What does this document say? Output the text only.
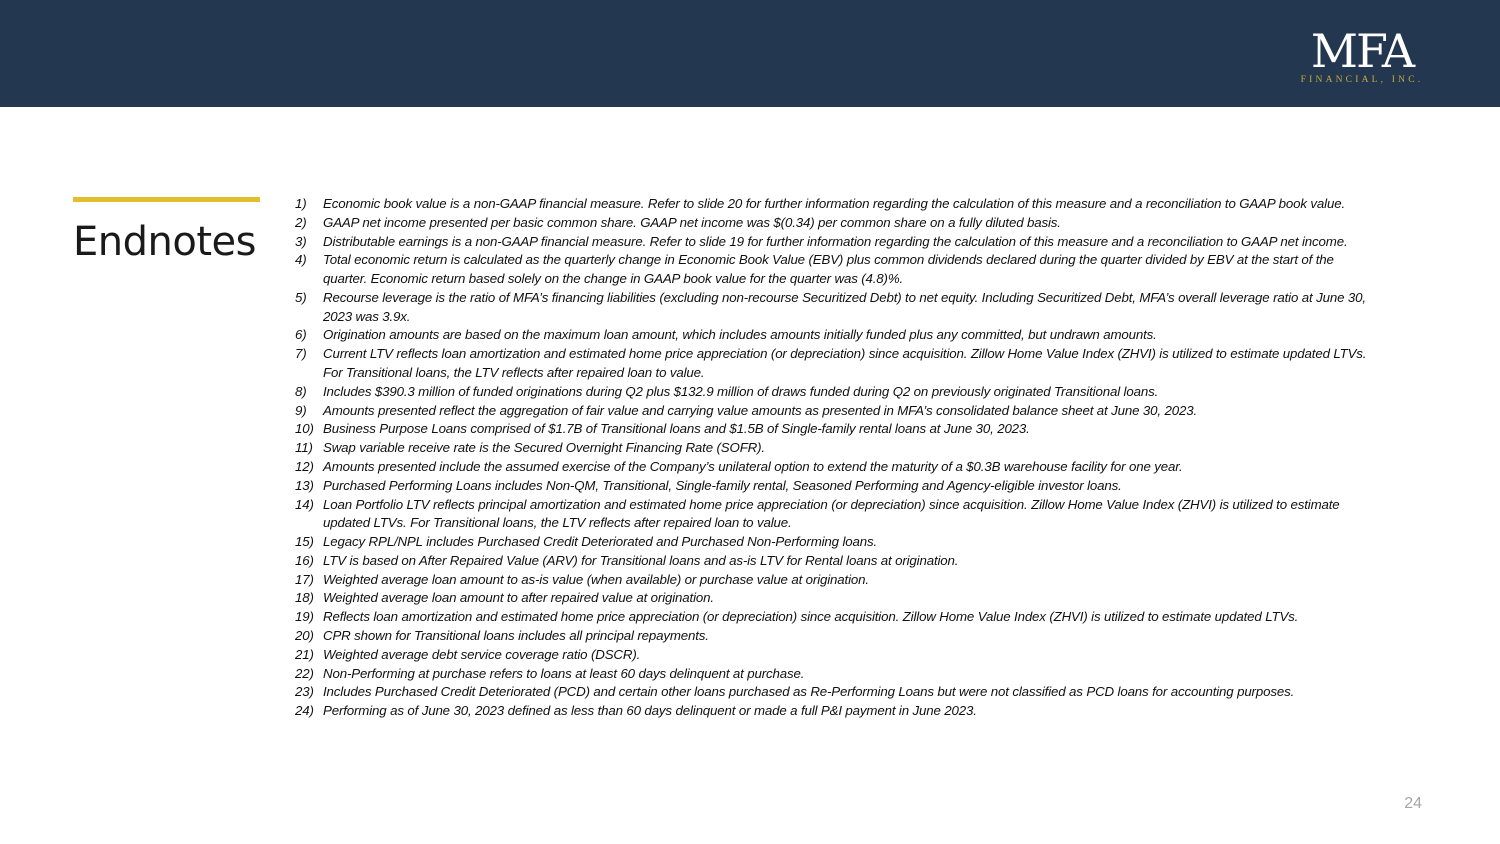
MFA
FINANCIAL, INC.
Endnotes
1)	Economic book value is a non-GAAP financial measure. Refer to slide 20 for further information regarding the calculation of this measure and a reconciliation to GAAP book value.
2)	GAAP net income presented per basic common share. GAAP net income was $(0.34) per common share on a fully diluted basis.
3)	Distributable earnings is a non-GAAP financial measure. Refer to slide 19 for further information regarding the calculation of this measure and a reconciliation to GAAP net income.
4)	Total economic return is calculated as the quarterly change in Economic Book Value (EBV) plus common dividends declared during the quarter divided by EBV at the start of the quarter. Economic return based solely on the change in GAAP book value for the quarter was (4.8)%.
5)	Recourse leverage is the ratio of MFA’s financing liabilities (excluding non-recourse Securitized Debt) to net equity. Including Securitized Debt, MFA’s overall leverage ratio at June 30, 2023 was 3.9x.
6)	Origination amounts are based on the maximum loan amount, which includes amounts initially funded plus any committed, but undrawn amounts.
7)	Current LTV reflects loan amortization and estimated home price appreciation (or depreciation) since acquisition. Zillow Home Value Index (ZHVI) is utilized to estimate updated LTVs. For Transitional loans, the LTV reflects after repaired loan to value.
8)	Includes $390.3 million of funded originations during Q2 plus $132.9 million of draws funded during Q2 on previously originated Transitional loans.
9)	Amounts presented reflect the aggregation of fair value and carrying value amounts as presented in MFA’s consolidated balance sheet at June 30, 2023.
10) Business Purpose Loans comprised of $1.7B of Transitional loans and $1.5B of Single-family rental loans at June 30, 2023.
11) Swap variable receive rate is the Secured Overnight Financing Rate (SOFR).
12) Amounts presented include the assumed exercise of the Company’s unilateral option to extend the maturity of a $0.3B warehouse facility for one year.
13) Purchased Performing Loans includes Non-QM, Transitional, Single-family rental, Seasoned Performing and Agency-eligible investor loans.
14) Loan Portfolio LTV reflects principal amortization and estimated home price appreciation (or depreciation) since acquisition. Zillow Home Value Index (ZHVI) is utilized to estimate updated LTVs. For Transitional loans, the LTV reflects after repaired loan to value.
15) Legacy RPL/NPL includes Purchased Credit Deteriorated and Purchased Non-Performing loans.
16) LTV is based on After Repaired Value (ARV) for Transitional loans and as-is LTV for Rental loans at origination.
17) Weighted average loan amount to as-is value (when available) or purchase value at origination.
18) Weighted average loan amount to after repaired value at origination.
19) Reflects loan amortization and estimated home price appreciation (or depreciation) since acquisition. Zillow Home Value Index (ZHVI) is utilized to estimate updated LTVs.
20) CPR shown for Transitional loans includes all principal repayments.
21) Weighted average debt service coverage ratio (DSCR).
22) Non-Performing at purchase refers to loans at least 60 days delinquent at purchase.
23) Includes Purchased Credit Deteriorated (PCD) and certain other loans purchased as Re-Performing Loans but were not classified as PCD loans for accounting purposes.
24) Performing as of June 30, 2023 defined as less than 60 days delinquent or made a full P&I payment in June 2023.
24
